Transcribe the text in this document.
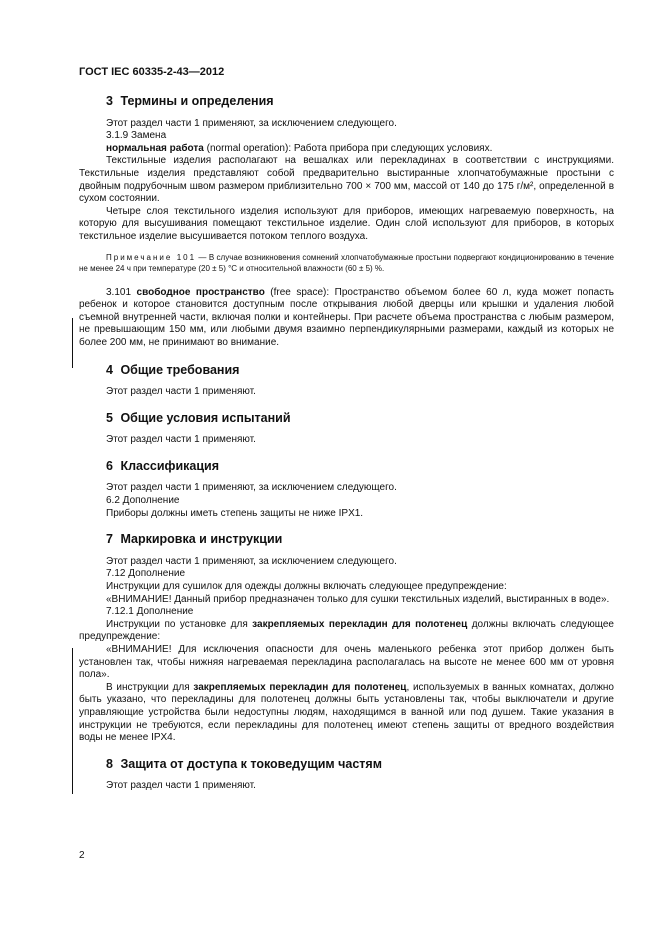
ГОСТ IEC 60335-2-43—2012
3 Термины и определения

Этот раздел части 1 применяют, за исключением следующего.

3.1.9 Замена

нормальная работа (normal operation): Работа прибора при следующих условиях.

Текстильные изделия располагают на вешалках или перекладинах в соответствии с инструкциями. Текстильные изделия представляют собой предварительно выстиранные хлопчатобумажные простыни с двойным подрубочным швом размером приблизительно 700 × 700 мм, массой от 140 до 175 г/м², определенной в сухом состоянии.

Четыре слоя текстильного изделия используют для приборов, имеющих нагреваемую поверхность, на которую для высушивания помещают текстильное изделие. Один слой используют для приборов, в которых текстильное изделие высушивается потоком теплого воздуха.

Примечание 101 — В случае возникновения сомнений хлопчатобумажные простыни подвергают кондиционированию в течение не менее 24 ч при температуре (20 ± 5) °С и относительной влажности (60 ± 5) %.

3.101 свободное пространство (free space): Пространство объемом более 60 л, куда может попасть ребенок и которое становится доступным после открывания любой дверцы или крышки и удаления любой съемной внутренней части, включая полки и контейнеры. При расчете объема пространства с любым размером, не превышающим 150 мм, или любыми двумя взаимно перпендикулярными размерами, каждый из которых не более 200 мм, не принимают во внимание.

4 Общие требования

Этот раздел части 1 применяют.

5 Общие условия испытаний

Этот раздел части 1 применяют.

6 Классификация

Этот раздел части 1 применяют, за исключением следующего.

6.2 Дополнение

Приборы должны иметь степень защиты не ниже IPX1.

7 Маркировка и инструкции

Этот раздел части 1 применяют, за исключением следующего.

7.12 Дополнение

Инструкции для сушилок для одежды должны включать следующее предупреждение:

«ВНИМАНИЕ! Данный прибор предназначен только для сушки текстильных изделий, выстиранных в воде».

7.12.1 Дополнение

Инструкции по установке для закрепляемых перекладин для полотенец должны включать следующее предупреждение:

«ВНИМАНИЕ! Для исключения опасности для очень маленького ребенка этот прибор должен быть установлен так, чтобы нижняя нагреваемая перекладина располагалась на высоте не менее 600 мм от уровня пола».

В инструкции для закрепляемых перекладин для полотенец, используемых в ванных комнатах, должно быть указано, что перекладины для полотенец должны быть установлены так, чтобы выключатели и другие управляющие устройства были недоступны людям, находящимся в ванной или под душем. Такие указания в инструкции не требуются, если перекладины для полотенец имеют степень защиты от вредного воздействия воды не менее IPX4.

8 Защита от доступа к токоведущим частям

Этот раздел части 1 применяют.

2
